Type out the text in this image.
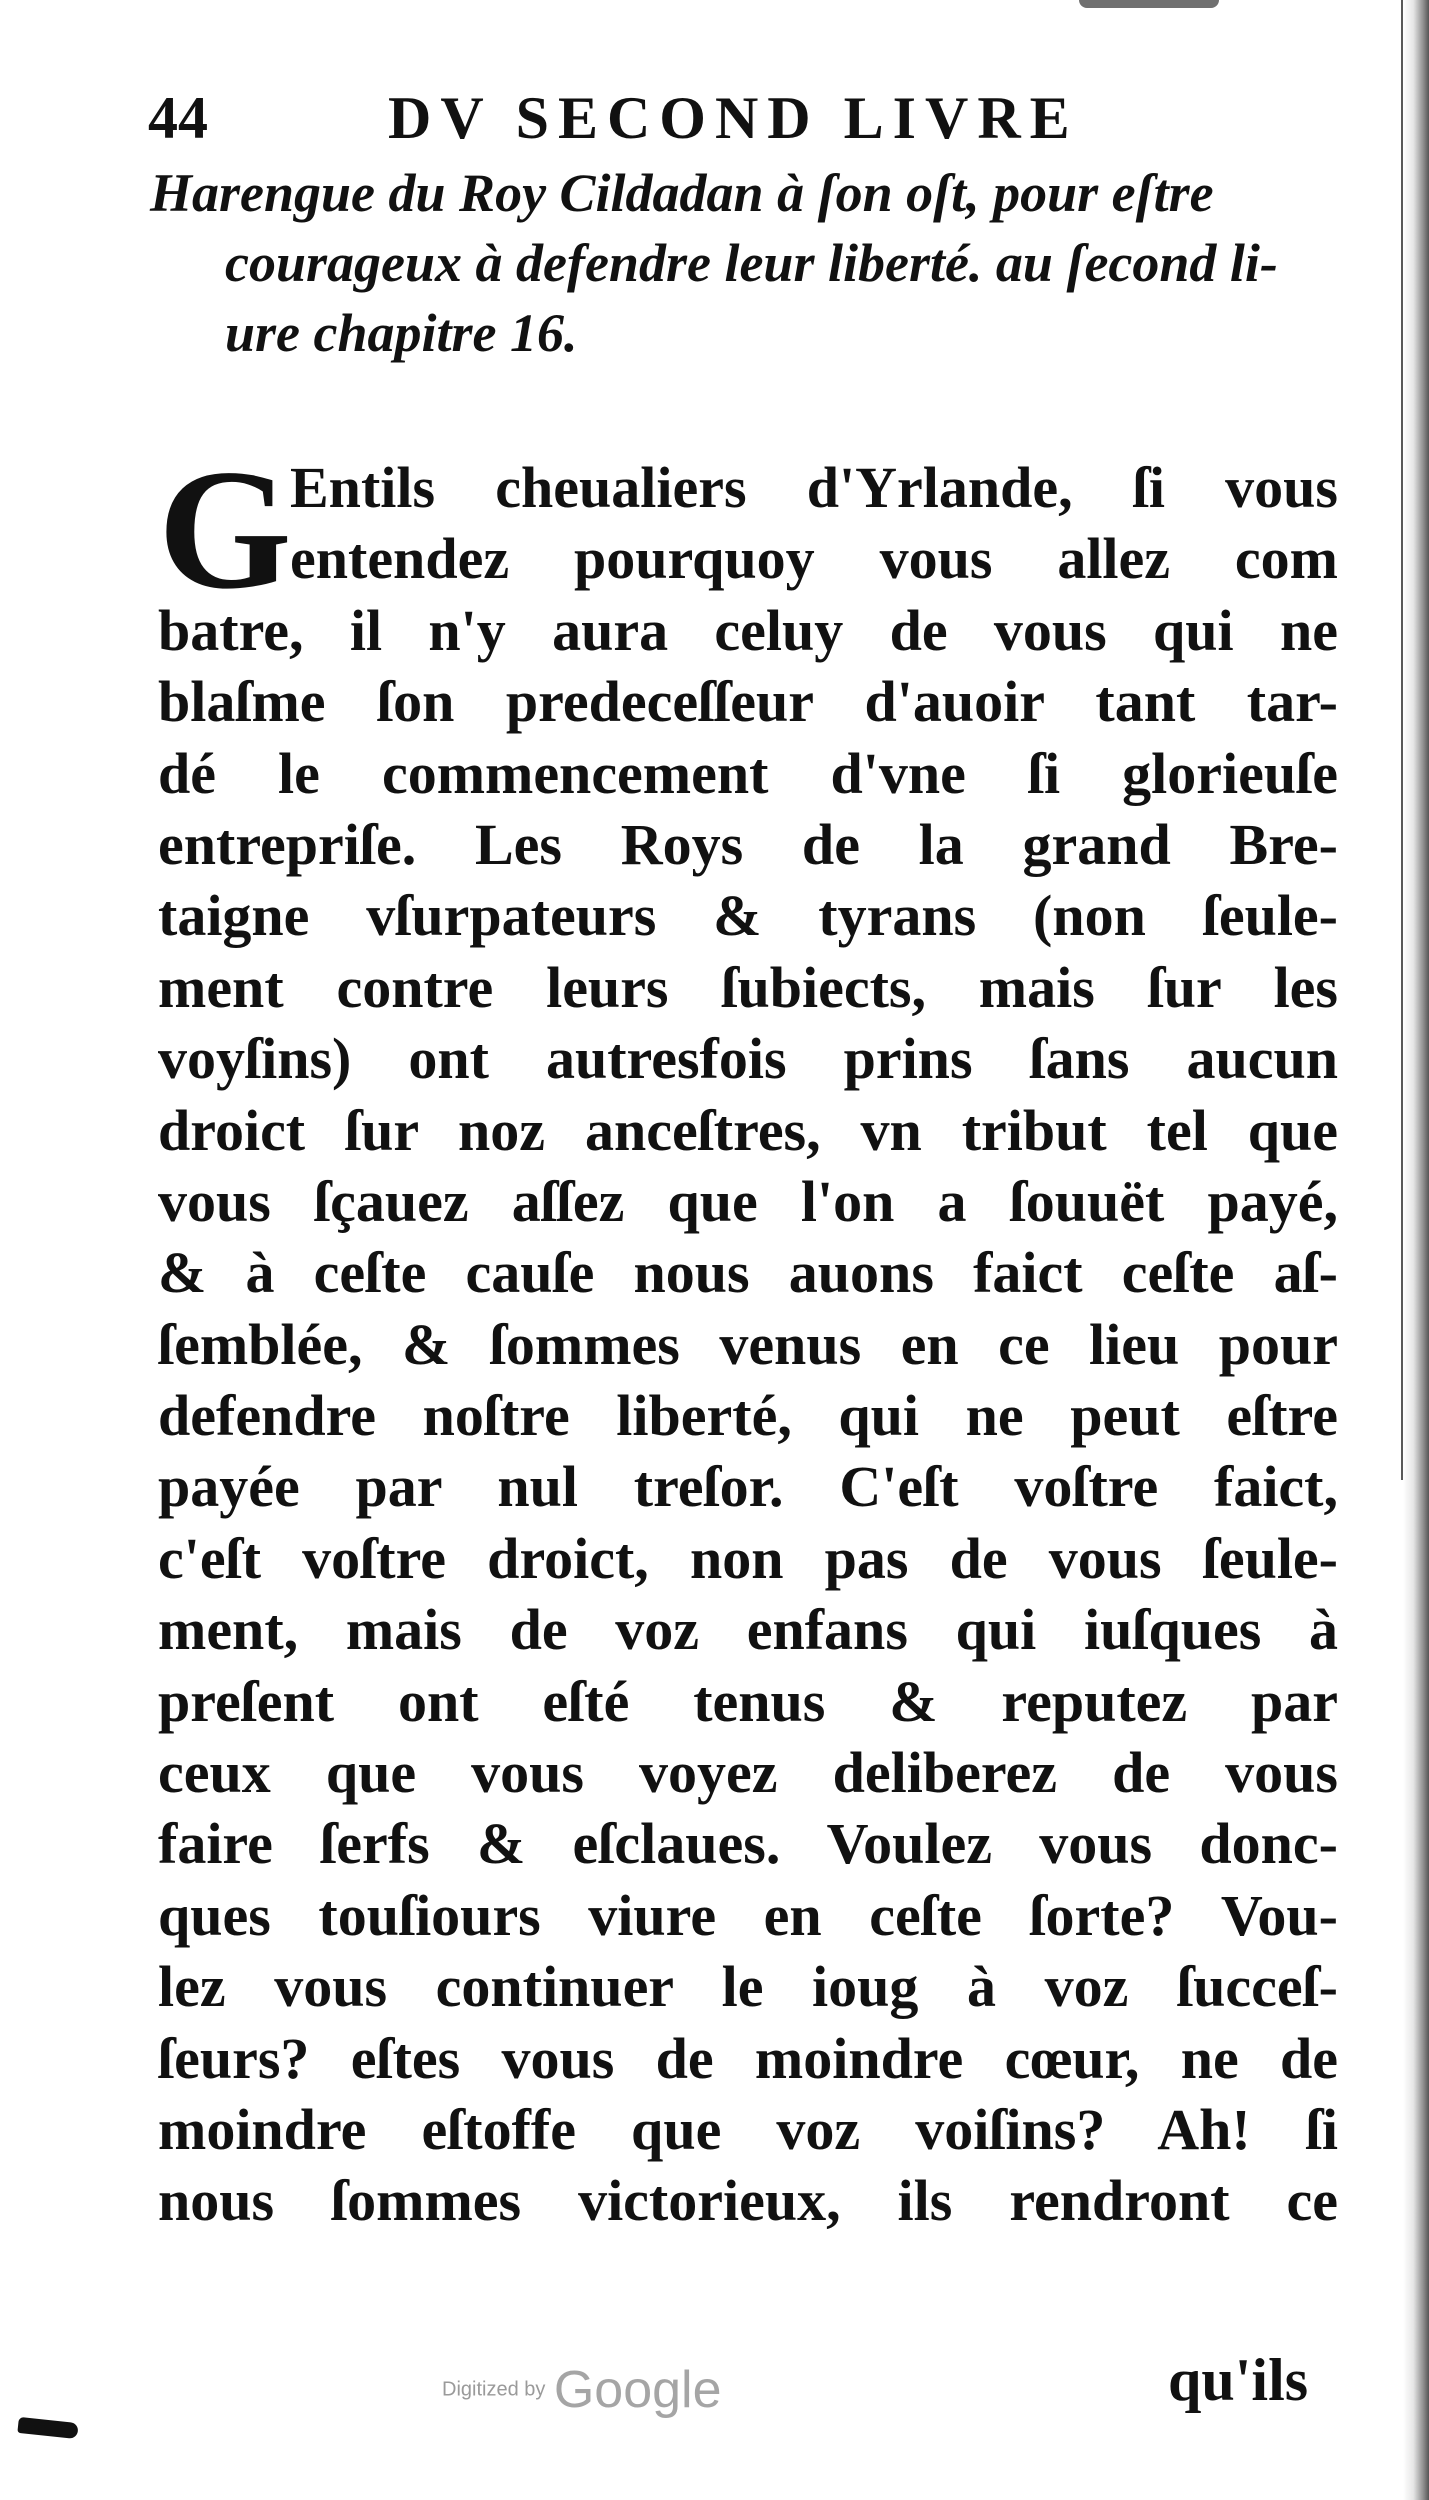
44	DV SECOND LIVRE
Harengue du Roy Cildadan à ſon oſt, pour eſtre
courageux à defendre leur liberté. au ſecond li-
ure chapitre 16.
G
Entils cheualiers d'Yrlande, ſi vous
entendez pourquoy vous allez com
batre, il n'y aura celuy de vous qui ne
blaſme ſon predeceſſeur d'auoir tant tar-
dé le commencement d'vne ſi glorieuſe
entrepriſe. Les Roys de la grand Bre-
taigne vſurpateurs & tyrans (non ſeule-
ment contre leurs ſubiects, mais ſur les
voyſins) ont autresfois prins ſans aucun
droict ſur noz anceſtres, vn tribut tel que
vous ſçauez aſſez que l'on a ſouuët payé,
& à ceſte cauſe nous auons faict ceſte aſ-
ſemblée, & ſommes venus en ce lieu pour
defendre noſtre liberté, qui ne peut eſtre
payée par nul treſor. C'eſt voſtre faict,
c'eſt voſtre droict, non pas de vous ſeule-
ment, mais de voz enfans qui iuſques à
preſent ont eſté tenus & reputez par
ceux que vous voyez deliberez de vous
faire ſerfs & eſclaues. Voulez vous donc-
ques touſiours viure en ceſte ſorte? Vou-
lez vous continuer le ioug à voz ſucceſ-
ſeurs? eſtes vous de moindre cœur, ne de
moindre eſtoffe que voz voiſins? Ah! ſi
nous ſommes victorieux, ils rendront ce
Digitized by Google	qu'ils
